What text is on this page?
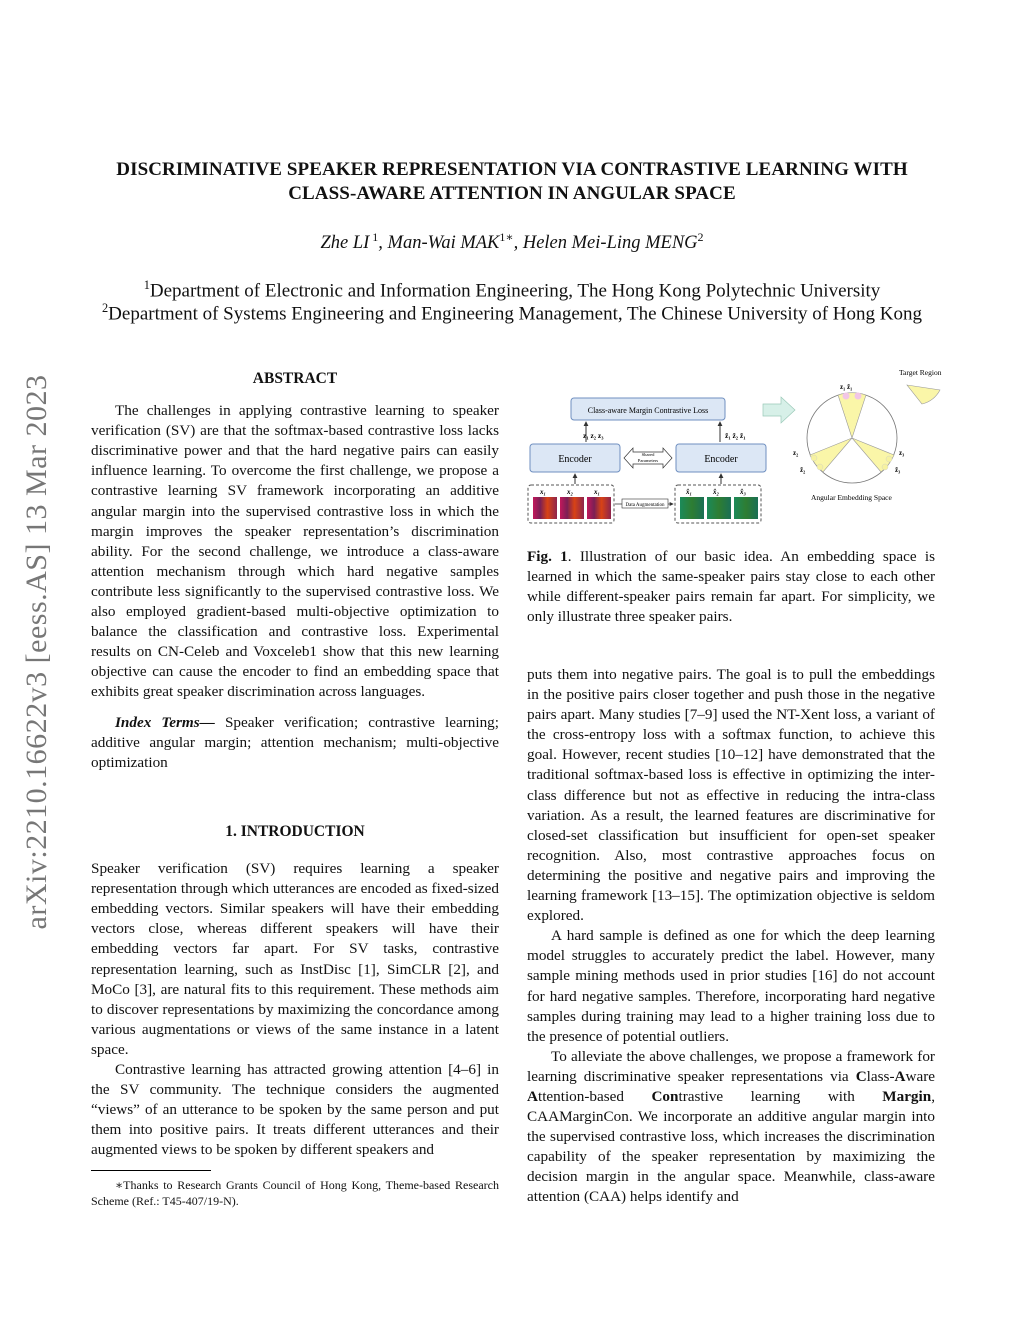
arXiv:2210.16622v3 [eess.AS] 13 Mar 2023
DISCRIMINATIVE SPEAKER REPRESENTATION VIA CONTRASTIVE LEARNING WITH
CLASS-AWARE ATTENTION IN ANGULAR SPACE
Zhe LI $^1$, Man-Wai $MAK^{1∗}$, Helen Mei-Ling MENG$^2$
$^1$Department of Electronic and Information Engineering, The Hong Kong Polytechnic University
$^2$Department of Systems Engineering and Engineering Management, The Chinese University of Hong Kong
ABSTRACT

The challenges in applying contrastive learning to speaker verification (SV) are that the softmax-based contrastive loss lacks discriminative power and that the hard negative pairs can easily influence learning. To overcome the first challenge, we propose a contrastive learning SV framework incorporating an additive angular margin into the supervised contrastive loss in which the margin improves the speaker representation’s discrimination ability. For the second challenge, we introduce a class-aware attention mechanism through which hard negative samples contribute less significantly to the supervised contrastive loss. We also employed gradient-based multi-objective optimization to balance the classification and contrastive loss. Experimental results on CN-Celeb and Voxceleb1 show that this new learning objective can cause the encoder to find an embedding space that exhibits great speaker discrimination across languages.

Index Terms— Speaker verification; contrastive learning; additive angular margin; attention mechanism; multi-objective optimization

1. INTRODUCTION

Speaker verification (SV) requires learning a speaker representation through which utterances are encoded as fixed-sized embedding vectors. Similar speakers will have their embedding vectors close, whereas different speakers will have their embedding vectors far apart. For SV tasks, contrastive representation learning, such as InstDisc [1], SimCLR [2], and MoCo [3], are natural fits to this requirement. These methods aim to discover representations by maximizing the concordance among various augmentations or views of the same instance in a latent space.

Contrastive learning has attracted growing attention [4–6] in the SV community. The technique considers the augmented “views” of an utterance to be spoken by the same person and put them into positive pairs. It treats different utterances and their augmented views to be spoken by different speakers and

∗Thanks to Research Grants Council of Hong Kong, Theme-based Research Scheme (Ref.: T45-407/19-N).

Class-aware Margin Contrastive Loss
z₁ z₂ z₃	ẑ₁ ẑ₂ ẑ₁
Encoder	Encoder
Shared
Parameters
x₁	x₂	x₁	x̂₁	x̂₂	x̂₃
Data Augmentation
z₁ ẑ₁
z₂
ẑ₂
z₃
ẑ₃
Target Region
Angular Embedding Space

Fig. 1. Illustration of our basic idea. An embedding space is learned in which the same-speaker pairs stay close to each other while different-speaker pairs remain far apart. For simplicity, we only illustrate three speaker pairs.

puts them into negative pairs. The goal is to pull the embeddings in the positive pairs closer together and push those in the negative pairs apart. Many studies [7–9] used the NT-Xent loss, a variant of the cross-entropy loss with a softmax function, to achieve this goal. However, recent studies [10–12] have demonstrated that the traditional softmax-based loss is effective in optimizing the inter-class difference but not as effective in reducing the intra-class variation. As a result, the learned features are discriminative for closed-set classification but insufficient for open-set speaker recognition. Also, most contrastive approaches focus on determining the positive and negative pairs and improving the learning framework [13–15]. The optimization objective is seldom explored.

A hard sample is defined as one for which the deep learning model struggles to accurately predict the label. However, many sample mining methods used in prior studies [16] do not account for hard negative samples. Therefore, incorporating hard negative samples during training may lead to a higher training loss due to the presence of potential outliers.

To alleviate the above challenges, we propose a framework for learning discriminative speaker representations via Class-Aware Attention-based Contrastive learning with Margin, CAAMarginCon. We incorporate an additive angular margin into the supervised contrastive loss, which increases the discrimination capability of the speaker representation by maximizing the decision margin in the angular space. Meanwhile, class-aware attention (CAA) helps identify and
